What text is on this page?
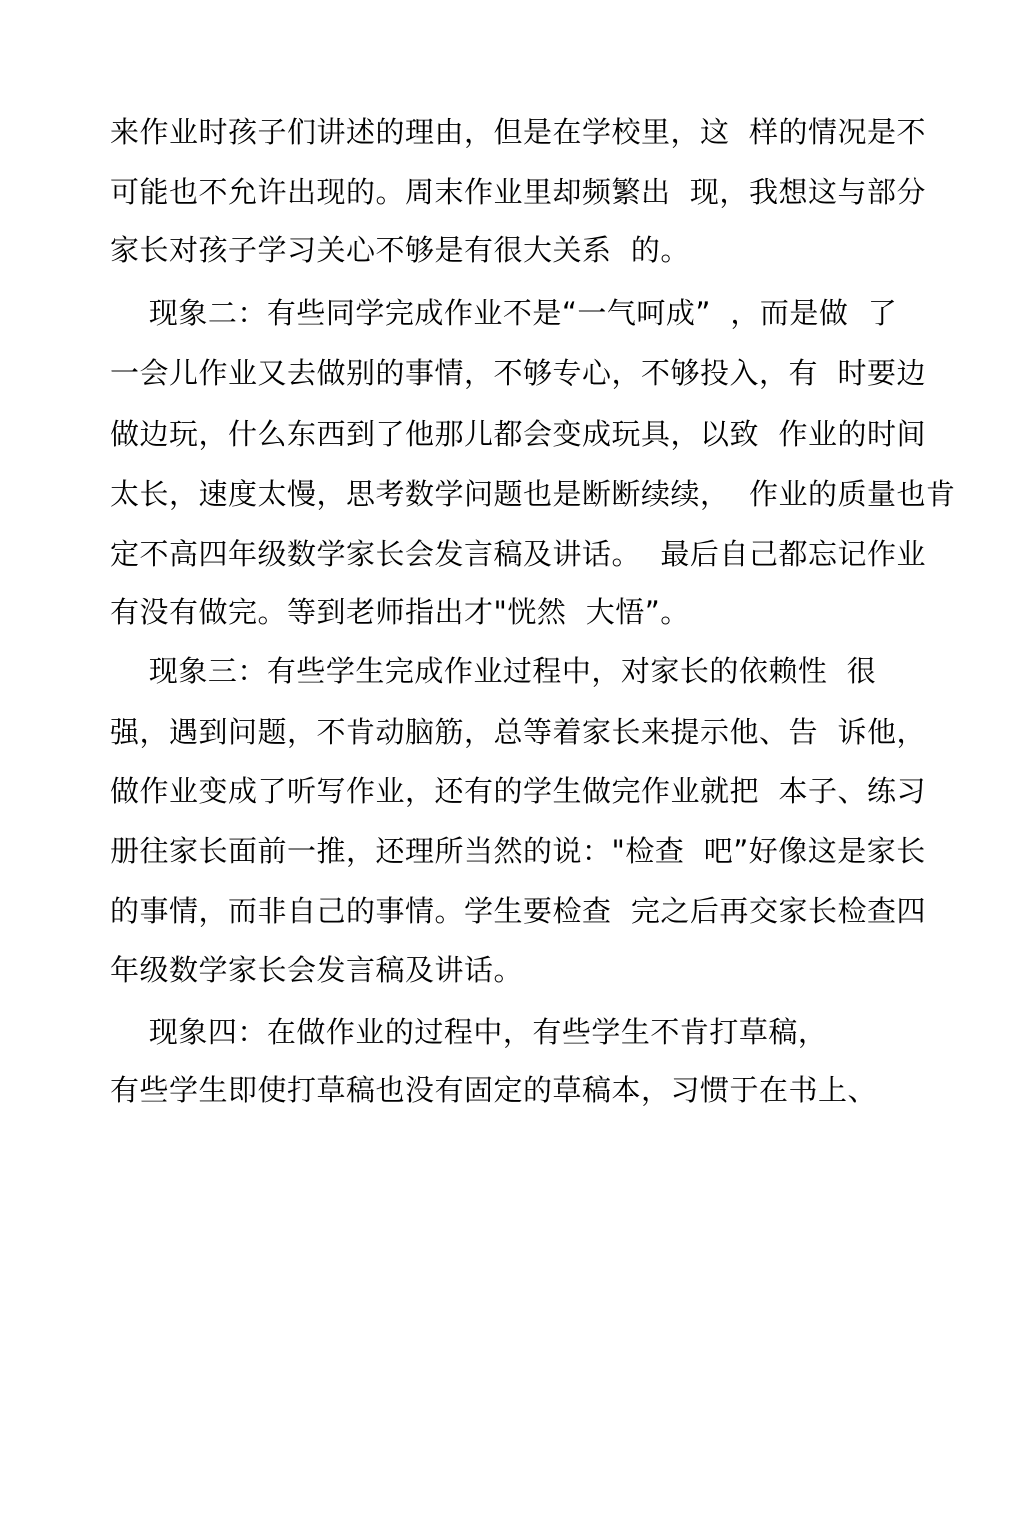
来作业时孩子们讲述的理由，但是在学校里，这  样的情况是不
可能也不允许出现的。周末作业里却频繁出  现，我想这与部分
家长对孩子学习关心不够是有很大关系  的。
现象二：有些同学完成作业不是“一气呵成”  ，而是做  了
一会儿作业又去做别的事情，不够专心，不够投入，有  时要边
做边玩，什么东西到了他那儿都会变成玩具，以致  作业的时间
太长，速度太慢，思考数学问题也是断断续续，  作业的质量也肯
定不高四年级数学家长会发言稿及讲话。  最后自己都忘记作业
有没有做完。等到老师指出才"恍然  大悟”。
现象三：有些学生完成作业过程中，对家长的依赖性  很
强，遇到问题，不肯动脑筋，总等着家长来提示他、告  诉他，
做作业变成了听写作业，还有的学生做完作业就把  本子、练习
册往家长面前一推，还理所当然的说："检查  吧”好像这是家长
的事情，而非自己的事情。学生要检查  完之后再交家长检查四
年级数学家长会发言稿及讲话。
现象四：在做作业的过程中，有些学生不肯打草稿，
有些学生即使打草稿也没有固定的草稿本，习惯于在书上、
